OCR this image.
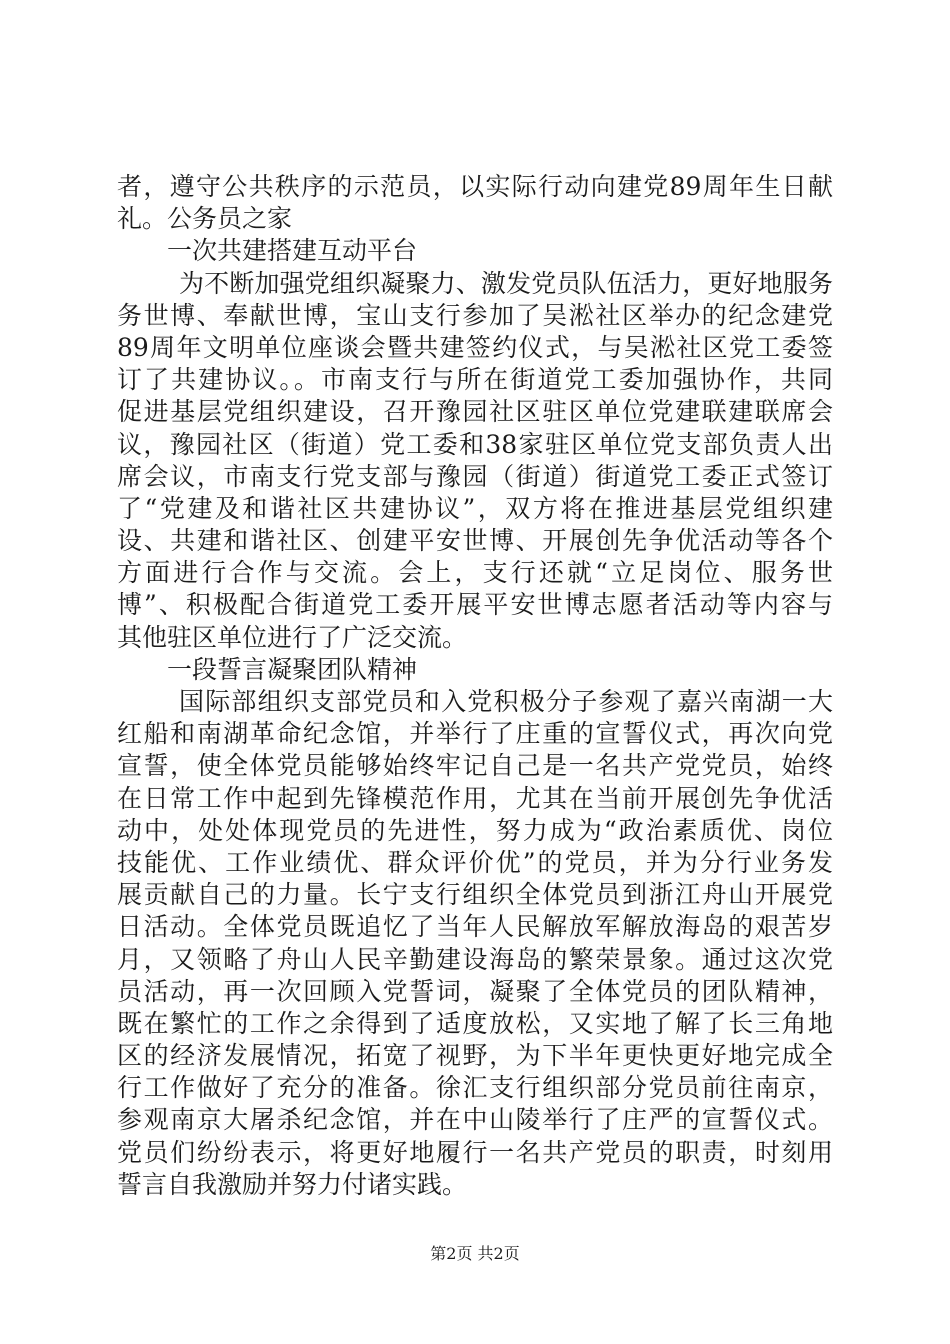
者，遵守公共秩序的示范员，以实际行动向建党89周年生日献
礼。公务员之家
一次共建搭建互动平台
为不断加强党组织凝聚力、激发党员队伍活力，更好地服务
务世博、奉献世博，宝山支行参加了吴淞社区举办的纪念建党
89周年文明单位座谈会暨共建签约仪式，与吴淞社区党工委签
订了共建协议。。市南支行与所在街道党工委加强协作，共同
促进基层党组织建设，召开豫园社区驻区单位党建联建联席会
议，豫园社区（街道）党工委和38家驻区单位党支部负责人出
席会议，市南支行党支部与豫园（街道）街道党工委正式签订
了“党建及和谐社区共建协议”，双方将在推进基层党组织建
设、共建和谐社区、创建平安世博、开展创先争优活动等各个
方面进行合作与交流。会上，支行还就“立足岗位、服务世
博”、积极配合街道党工委开展平安世博志愿者活动等内容与
其他驻区单位进行了广泛交流。
一段誓言凝聚团队精神
国际部组织支部党员和入党积极分子参观了嘉兴南湖一大
红船和南湖革命纪念馆，并举行了庄重的宣誓仪式，再次向党
宣誓，使全体党员能够始终牢记自己是一名共产党党员，始终
在日常工作中起到先锋模范作用，尤其在当前开展创先争优活
动中，处处体现党员的先进性，努力成为“政治素质优、岗位
技能优、工作业绩优、群众评价优”的党员，并为分行业务发
展贡献自己的力量。长宁支行组织全体党员到浙江舟山开展党
日活动。全体党员既追忆了当年人民解放军解放海岛的艰苦岁
月，又领略了舟山人民辛勤建设海岛的繁荣景象。通过这次党
员活动，再一次回顾入党誓词，凝聚了全体党员的团队精神，
既在繁忙的工作之余得到了适度放松，又实地了解了长三角地
区的经济发展情况，拓宽了视野，为下半年更快更好地完成全
行工作做好了充分的准备。徐汇支行组织部分党员前往南京，
参观南京大屠杀纪念馆，并在中山陵举行了庄严的宣誓仪式。
党员们纷纷表示，将更好地履行一名共产党员的职责，时刻用
誓言自我激励并努力付诸实践。
第2页 共2页
